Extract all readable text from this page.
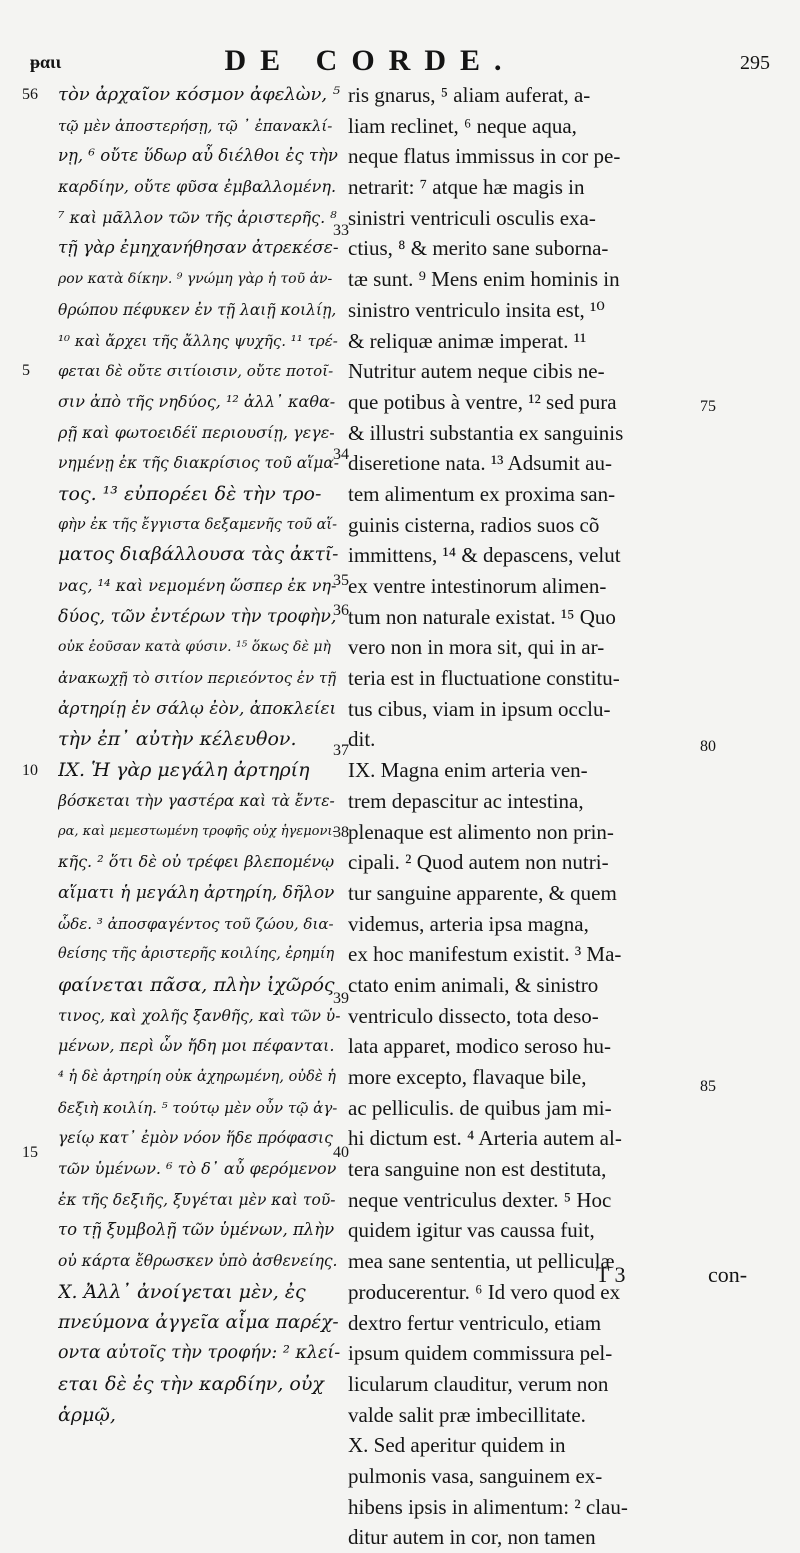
ᵽαιι	DE CORDE.	295
τὸν ἀρχαῖον κόσμον ἀφελὼν, ⁵
τῷ μὲν ἀποστερήσῃ, τῷ ᾽ ἐπανακλί-
νῃ, ⁶ οὔτε ὕδωρ αὖ διέλθοι ἐς τὴν
καρδίην, οὔτε φῦσα ἐμβαλλομένη.
⁷ καὶ μᾶλλον τῶν τῆς ἀριστερῆς. ⁸
τῇ γὰρ ἐμηχανήθησαν ἀτρεκέσε-
ρον κατὰ δίκην. ⁹ γνώμη γὰρ ἡ τοῦ ἀν-
θρώπου πέφυκεν ἐν τῇ λαιῇ κοιλίῃ,
¹⁰ καὶ ἄρχει τῆς ἄλλης ψυχῆς. ¹¹ τρέ-
φεται δὲ οὔτε σιτίοισιν, οὔτε ποτοῖ-
σιν ἀπὸ τῆς νηδύος, ¹² ἀλλ᾽ καθα-
ρῇ καὶ φωτοειδέϊ περιουσίῃ, γεγε-
νημένῃ ἐκ τῆς διακρίσιος τοῦ αἵμα-
τος. ¹³ εὐπορέει δὲ τὴν τρο-
φὴν ἐκ τῆς ἔγγιστα δεξαμενῆς τοῦ αἵ-
ματος διαβάλλουσα τὰς ἀκτῖ-
νας, ¹⁴ καὶ νεμομένη ὥσπερ ἐκ νη-
δύος, τῶν ἐντέρων τὴν τροφὴν,
οὐκ ἐοῦσαν κατὰ φύσιν. ¹⁵ ὅκως δὲ μὴ
ἀνακωχῇ τὸ σιτίον περιεόντος ἐν τῇ
ἀρτηρίῃ ἐν σάλῳ ἐὸν, ἀποκλείει
τὴν ἐπ᾽ αὐτὴν κέλευθον.
ΙΧ. Ἡ γὰρ μεγάλη ἀρτηρίη
βόσκεται τὴν γαστέρα καὶ τὰ ἔντε-
ρα, καὶ μεμεστωμένη τροφῆς οὐχ ἡγεμονι-
κῆς. ² ὅτι δὲ οὐ τρέφει βλεπομένῳ
αἵματι ἡ μεγάλη ἀρτηρίη, δῆλον
ὧδε. ³ ἀποσφαγέντος τοῦ ζώου, δια-
θείσης τῆς ἀριστερῆς κοιλίης, ἐρημίη
φαίνεται πᾶσα, πλὴν ἰχῶρός
τινος, καὶ χολῆς ξανθῆς, καὶ τῶν ὑ-
μένων, περὶ ὧν ἤδη μοι πέφανται.
⁴ ἡ δὲ ἀρτηρίη οὐκ ἀχηρωμένη, οὐδὲ ἡ
δεξιὴ κοιλίη. ⁵ τούτῳ μὲν οὖν τῷ ἀγ-
γείῳ κατ᾽ ἐμὸν νόον ἥδε πρόφασις
τῶν ὑμένων. ⁶ τὸ δ᾽ αὖ φερόμενον
ἐκ τῆς δεξιῆς, ξυγέται μὲν καὶ τοῦ-
το τῇ ξυμβολῇ τῶν ὑμένων, πλὴν
οὐ κάρτα ἔθρωσκεν ὑπὸ ἀσθενείης.
Χ. Ἀλλ᾽ ἀνοίγεται μὲν, ἐς
πνεύμονα ἀγγεῖα αἷμα παρέχ-
οντα αὐτοῖς τὴν τροφήν: ² κλεί-
εται δὲ ἐς τὴν καρδίην, οὐχ
ἁρμῷ,
ris gnarus, ⁵ aliam auferat, a-
liam reclinet, ⁶ neque aqua,
neque flatus immissus in cor pe-
netrarit: ⁷ atque hæ magis in
sinistri ventriculi osculis exa-
ctius, ⁸ & merito sane suborna-
tæ sunt. ⁹ Mens enim hominis in
sinistro ventriculo insita est, ¹⁰
& reliquæ animæ imperat. ¹¹
Nutritur autem neque cibis ne-
que potibus à ventre, ¹² sed pura
& illustri substantia ex sanguinis
diseretione nata. ¹³ Adsumit au-
tem alimentum ex proxima san-
guinis cisterna, radios suos cõ
immittens, ¹⁴ & depascens, velut
ex ventre intestinorum alimen-
tum non naturale existat. ¹⁵ Quo
vero non in mora sit, qui in ar-
teria est in fluctuatione constitu-
tus cibus, viam in ipsum occlu-
dit.
IX. Magna enim arteria ven-
trem depascitur ac intestina,
plenaque est alimento non prin-
cipali. ² Quod autem non nutri-
tur sanguine apparente, & quem
videmus, arteria ipsa magna,
ex hoc manifestum existit. ³ Ma-
ctato enim animali, & sinistro
ventriculo dissecto, tota deso-
lata apparet, modico seroso hu-
more excepto, flavaque bile,
ac pelliculis. de quibus jam mi-
hi dictum est. ⁴ Arteria autem al-
tera sanguine non est destituta,
neque ventriculus dexter. ⁵ Hoc
quidem igitur vas caussa fuit,
mea sane sententia, ut pelliculæ
producerentur. ⁶ Id vero quod ex
dextro fertur ventriculo, etiam
ipsum quidem commissura pel-
licularum clauditur, verum non
valde salit præ imbecillitate.
X. Sed aperitur quidem in
pulmonis vasa, sanguinem ex-
hibens ipsis in alimentum: ² clau-
ditur autem in cor, non tamen
56
5
10
15
33
34
35
36
37
38
39
40
75
80
85
T 3	con-
